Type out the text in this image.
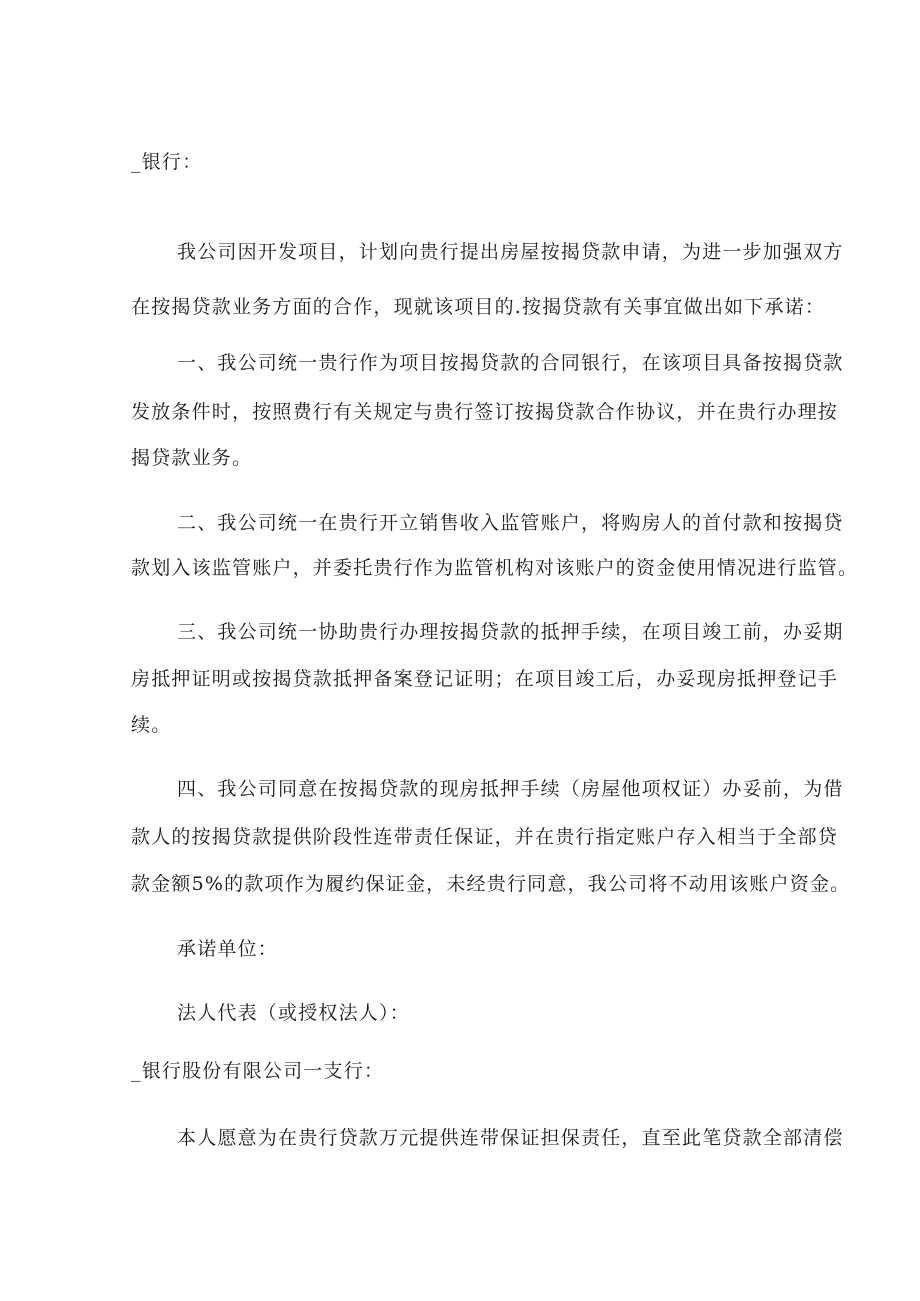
_银行：
我公司因开发项目，计划向贵行提出房屋按揭贷款申请，为进一步加强双方
在按揭贷款业务方面的合作，现就该项目的.按揭贷款有关事宜做出如下承诺：
一、我公司统一贵行作为项目按揭贷款的合同银行，在该项目具备按揭贷款
发放条件时，按照费行有关规定与贵行签订按揭贷款合作协议，并在贵行办理按
揭贷款业务。
二、我公司统一在贵行开立销售收入监管账户，将购房人的首付款和按揭贷
款划入该监管账户，并委托贵行作为监管机构对该账户的资金使用情况进行监管。
三、我公司统一协助贵行办理按揭贷款的抵押手续，在项目竣工前，办妥期
房抵押证明或按揭贷款抵押备案登记证明；在项目竣工后，办妥现房抵押登记手
续。
四、我公司同意在按揭贷款的现房抵押手续（房屋他项权证）办妥前，为借
款人的按揭贷款提供阶段性连带责任保证，并在贵行指定账户存入相当于全部贷
款金额5%的款项作为履约保证金，未经贵行同意，我公司将不动用该账户资金。
承诺单位：
法人代表（或授权法人）：
_银行股份有限公司一支行：
本人愿意为在贵行贷款万元提供连带保证担保责任，直至此笔贷款全部清偿
